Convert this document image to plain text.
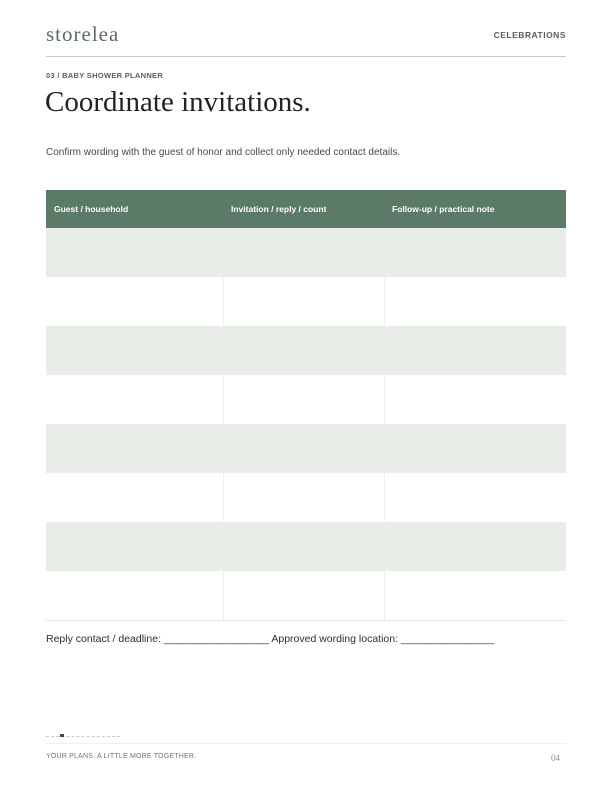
storelea	CELEBRATIONS
03 / BABY SHOWER PLANNER
Coordinate invitations.
Confirm wording with the guest of honor and collect only needed contact details.
Guest / household	Invitation / reply / count	Follow-up / practical note

Reply contact / deadline: __________________ Approved wording location: ________________
YOUR PLANS. A LITTLE MORE TOGETHER.	04
